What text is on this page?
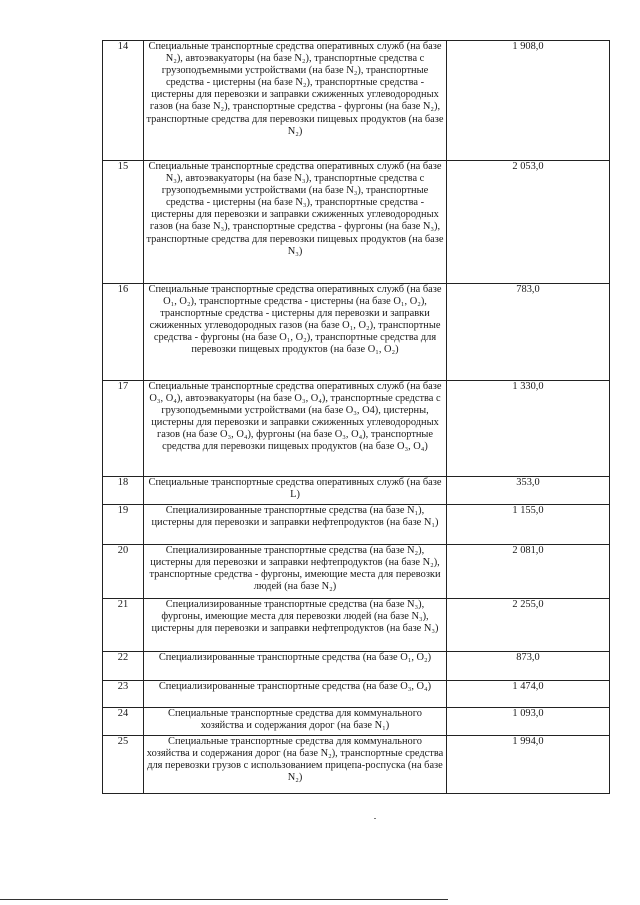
14	Специальные транспортные средства оперативных служб (на базе N₂), автоэвакуаторы (на базе N₂), транспортные средства с грузоподъемными устройствами (на базе N₂), транспортные средства - цистерны (на базе N₂), транспортные средства - цистерны для перевозки и заправки сжиженных углеводородных газов (на базе N₂), транспортные средства - фургоны (на базе N₂), транспортные средства для перевозки пищевых продуктов (на базе N₂)	1 908,0
15	Специальные транспортные средства оперативных служб (на базе N₃), автоэвакуаторы (на базе N₃), транспортные средства с грузоподъемными устройствами (на базе N₃), транспортные средства - цистерны (на базе N₃), транспортные средства - цистерны для перевозки и заправки сжиженных углеводородных газов (на базе N₃), транспортные средства - фургоны (на базе N₃), транспортные средства для перевозки пищевых продуктов (на базе N₃)	2 053,0
16	Специальные транспортные средства оперативных служб (на базе O₁, O₂), транспортные средства - цистерны (на базе O₁, O₂), транспортные средства - цистерны для перевозки и заправки сжиженных углеводородных газов (на базе O₁, O₂), транспортные средства - фургоны (на базе O₁, O₂), транспортные средства для перевозки пищевых продуктов (на базе O₁, O₂)	783,0
17	Специальные транспортные средства оперативных служб (на базе O₃, O₄), автоэвакуаторы (на базе O₃, O₄), транспортные средства с грузоподъемными устройствами (на базе O₃, O4), цистерны, цистерны для перевозки и заправки сжиженных углеводородных газов (на базе O₃, O₄), фургоны (на базе O₃, O₄), транспортные средства для перевозки пищевых продуктов (на базе O₃, O₄)	1 330,0
18	Специальные транспортные средства оперативных служб (на базе L)	353,0
19	Специализированные транспортные средства (на базе N₁), цистерны для перевозки и заправки нефтепродуктов (на базе N₁)	1 155,0
20	Специализированные транспортные средства (на базе N₂), цистерны для перевозки и заправки нефтепродуктов (на базе N₂), транспортные средства - фургоны, имеющие места для перевозки людей (на базе N₂)	2 081,0
21	Специализированные транспортные средства (на базе N₃), фургоны, имеющие места для перевозки людей (на базе N₃), цистерны для перевозки и заправки нефтепродуктов (на базе N₃)	2 255,0
22	Специализированные транспортные средства (на базе O₁, O₂)	873,0
23	Специализированные транспортные средства (на базе O₃, O₄)	1 474,0
24	Специальные транспортные средства для коммунального хозяйства и содержания дорог (на базе N₁)	1 093,0
25	Специальные транспортные средства для коммунального хозяйства и содержания дорог (на базе N₂), транспортные средства для перевозки грузов с использованием прицепа-роспуска (на базе N₂)	1 994,0
